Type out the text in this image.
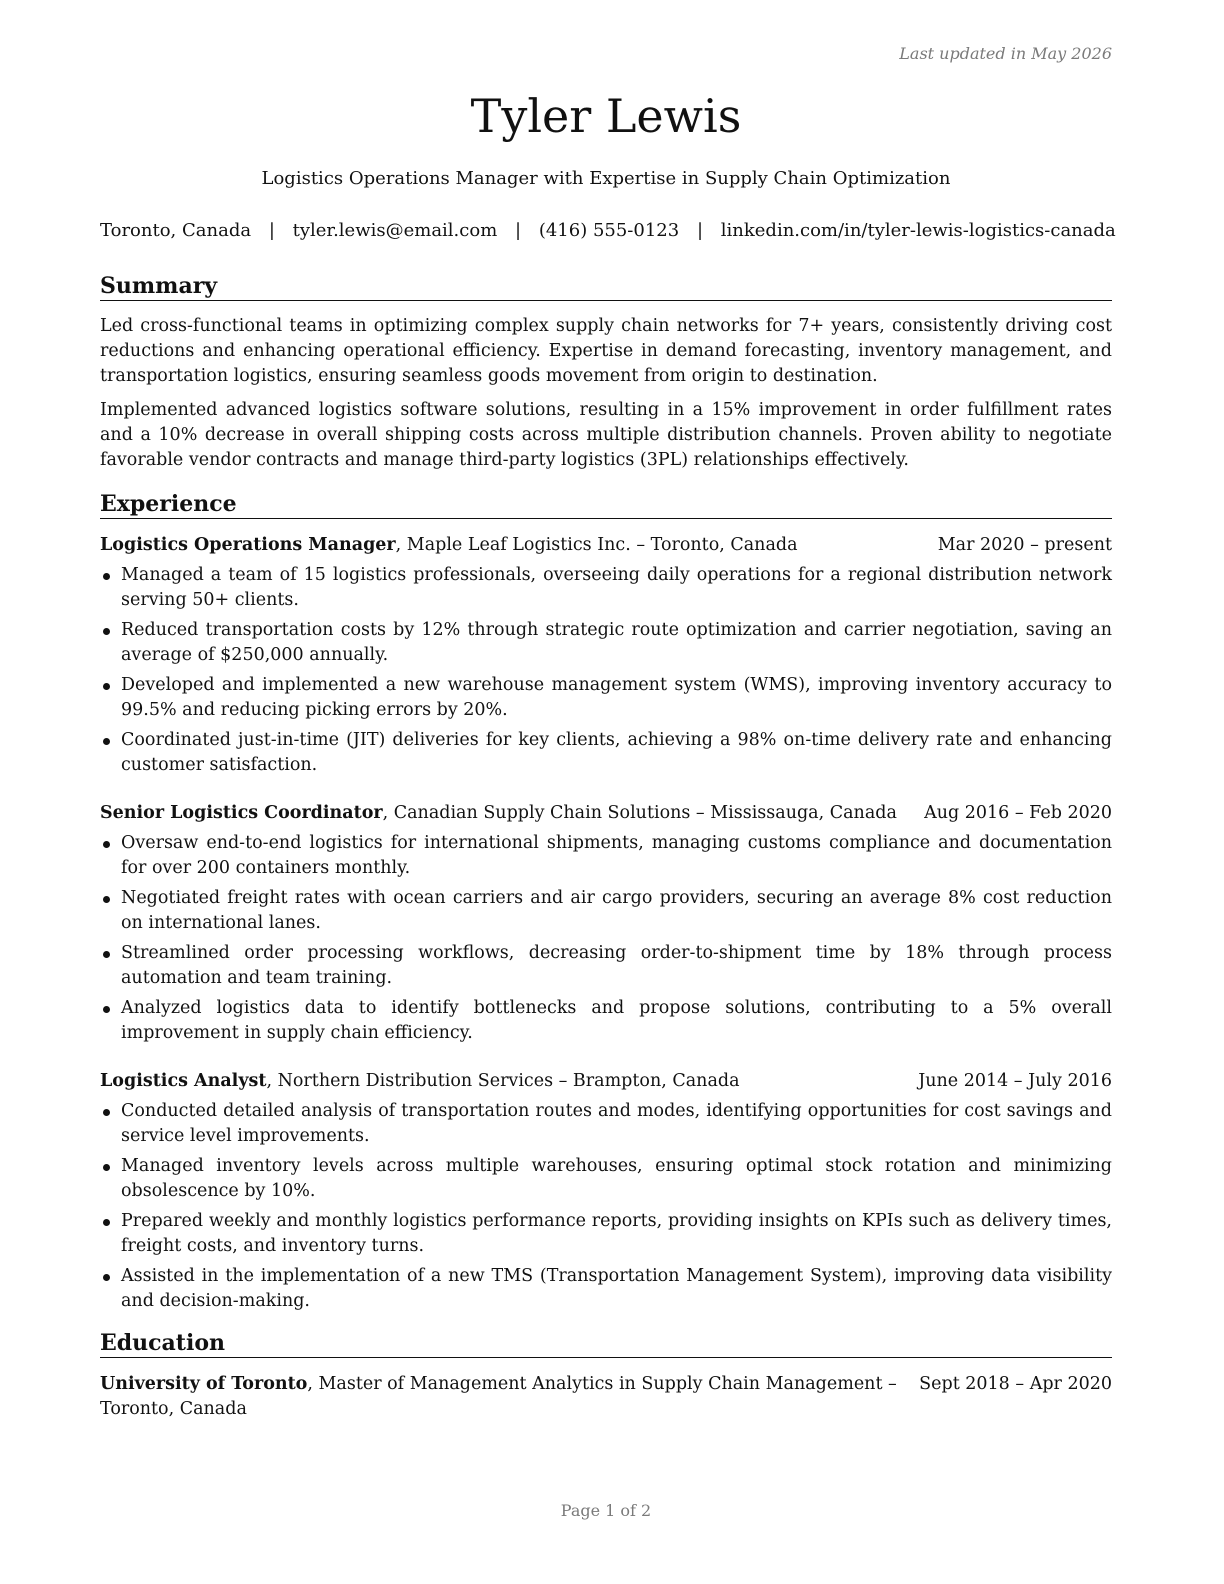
Last updated in May 2026
Tyler Lewis
Logistics Operations Manager with Expertise in Supply Chain Optimization
Toronto, Canada | tyler.lewis@email.com | (416) 555-0123 | linkedin.com/in/tyler-lewis-logistics-canada
Summary
Led cross-functional teams in optimizing complex supply chain networks for 7+ years, consistently driving cost reductions and enhancing operational efficiency. Expertise in demand forecasting, inventory management, and transportation logistics, ensuring seamless goods movement from origin to destination.
Implemented advanced logistics software solutions, resulting in a 15% improvement in order fulfillment rates and a 10% decrease in overall shipping costs across multiple distribution channels. Proven ability to negotiate favorable vendor contracts and manage third-party logistics (3PL) relationships effectively.
Experience
Logistics Operations Manager, Maple Leaf Logistics Inc. – Toronto, Canada	Mar 2020 – present
Managed a team of 15 logistics professionals, overseeing daily operations for a regional distribution network serving 50+ clients.
Reduced transportation costs by 12% through strategic route optimization and carrier negotiation, saving an average of $250,000 annually.
Developed and implemented a new warehouse management system (WMS), improving inventory accuracy to 99.5% and reducing picking errors by 20%.
Coordinated just-in-time (JIT) deliveries for key clients, achieving a 98% on-time delivery rate and enhancing customer satisfaction.
Senior Logistics Coordinator, Canadian Supply Chain Solutions – Mississauga, Canada Aug 2016 – Feb 2020
Oversaw end-to-end logistics for international shipments, managing customs compliance and documentation for over 200 containers monthly.
Negotiated freight rates with ocean carriers and air cargo providers, securing an average 8% cost reduction on international lanes.
Streamlined order processing workflows, decreasing order-to-shipment time by 18% through process automation and team training.
Analyzed logistics data to identify bottlenecks and propose solutions, contributing to a 5% overall improvement in supply chain efficiency.
Logistics Analyst, Northern Distribution Services – Brampton, Canada	June 2014 – July 2016
Conducted detailed analysis of transportation routes and modes, identifying opportunities for cost savings and service level improvements.
Managed inventory levels across multiple warehouses, ensuring optimal stock rotation and minimizing obsolescence by 10%.
Prepared weekly and monthly logistics performance reports, providing insights on KPIs such as delivery times, freight costs, and inventory turns.
Assisted in the implementation of a new TMS (Transportation Management System), improving data visibility and decision-making.
Education
University of Toronto, Master of Management Analytics in Supply Chain Management – Toronto, Canada
Sept 2018 – Apr 2020
Page 1 of 2
